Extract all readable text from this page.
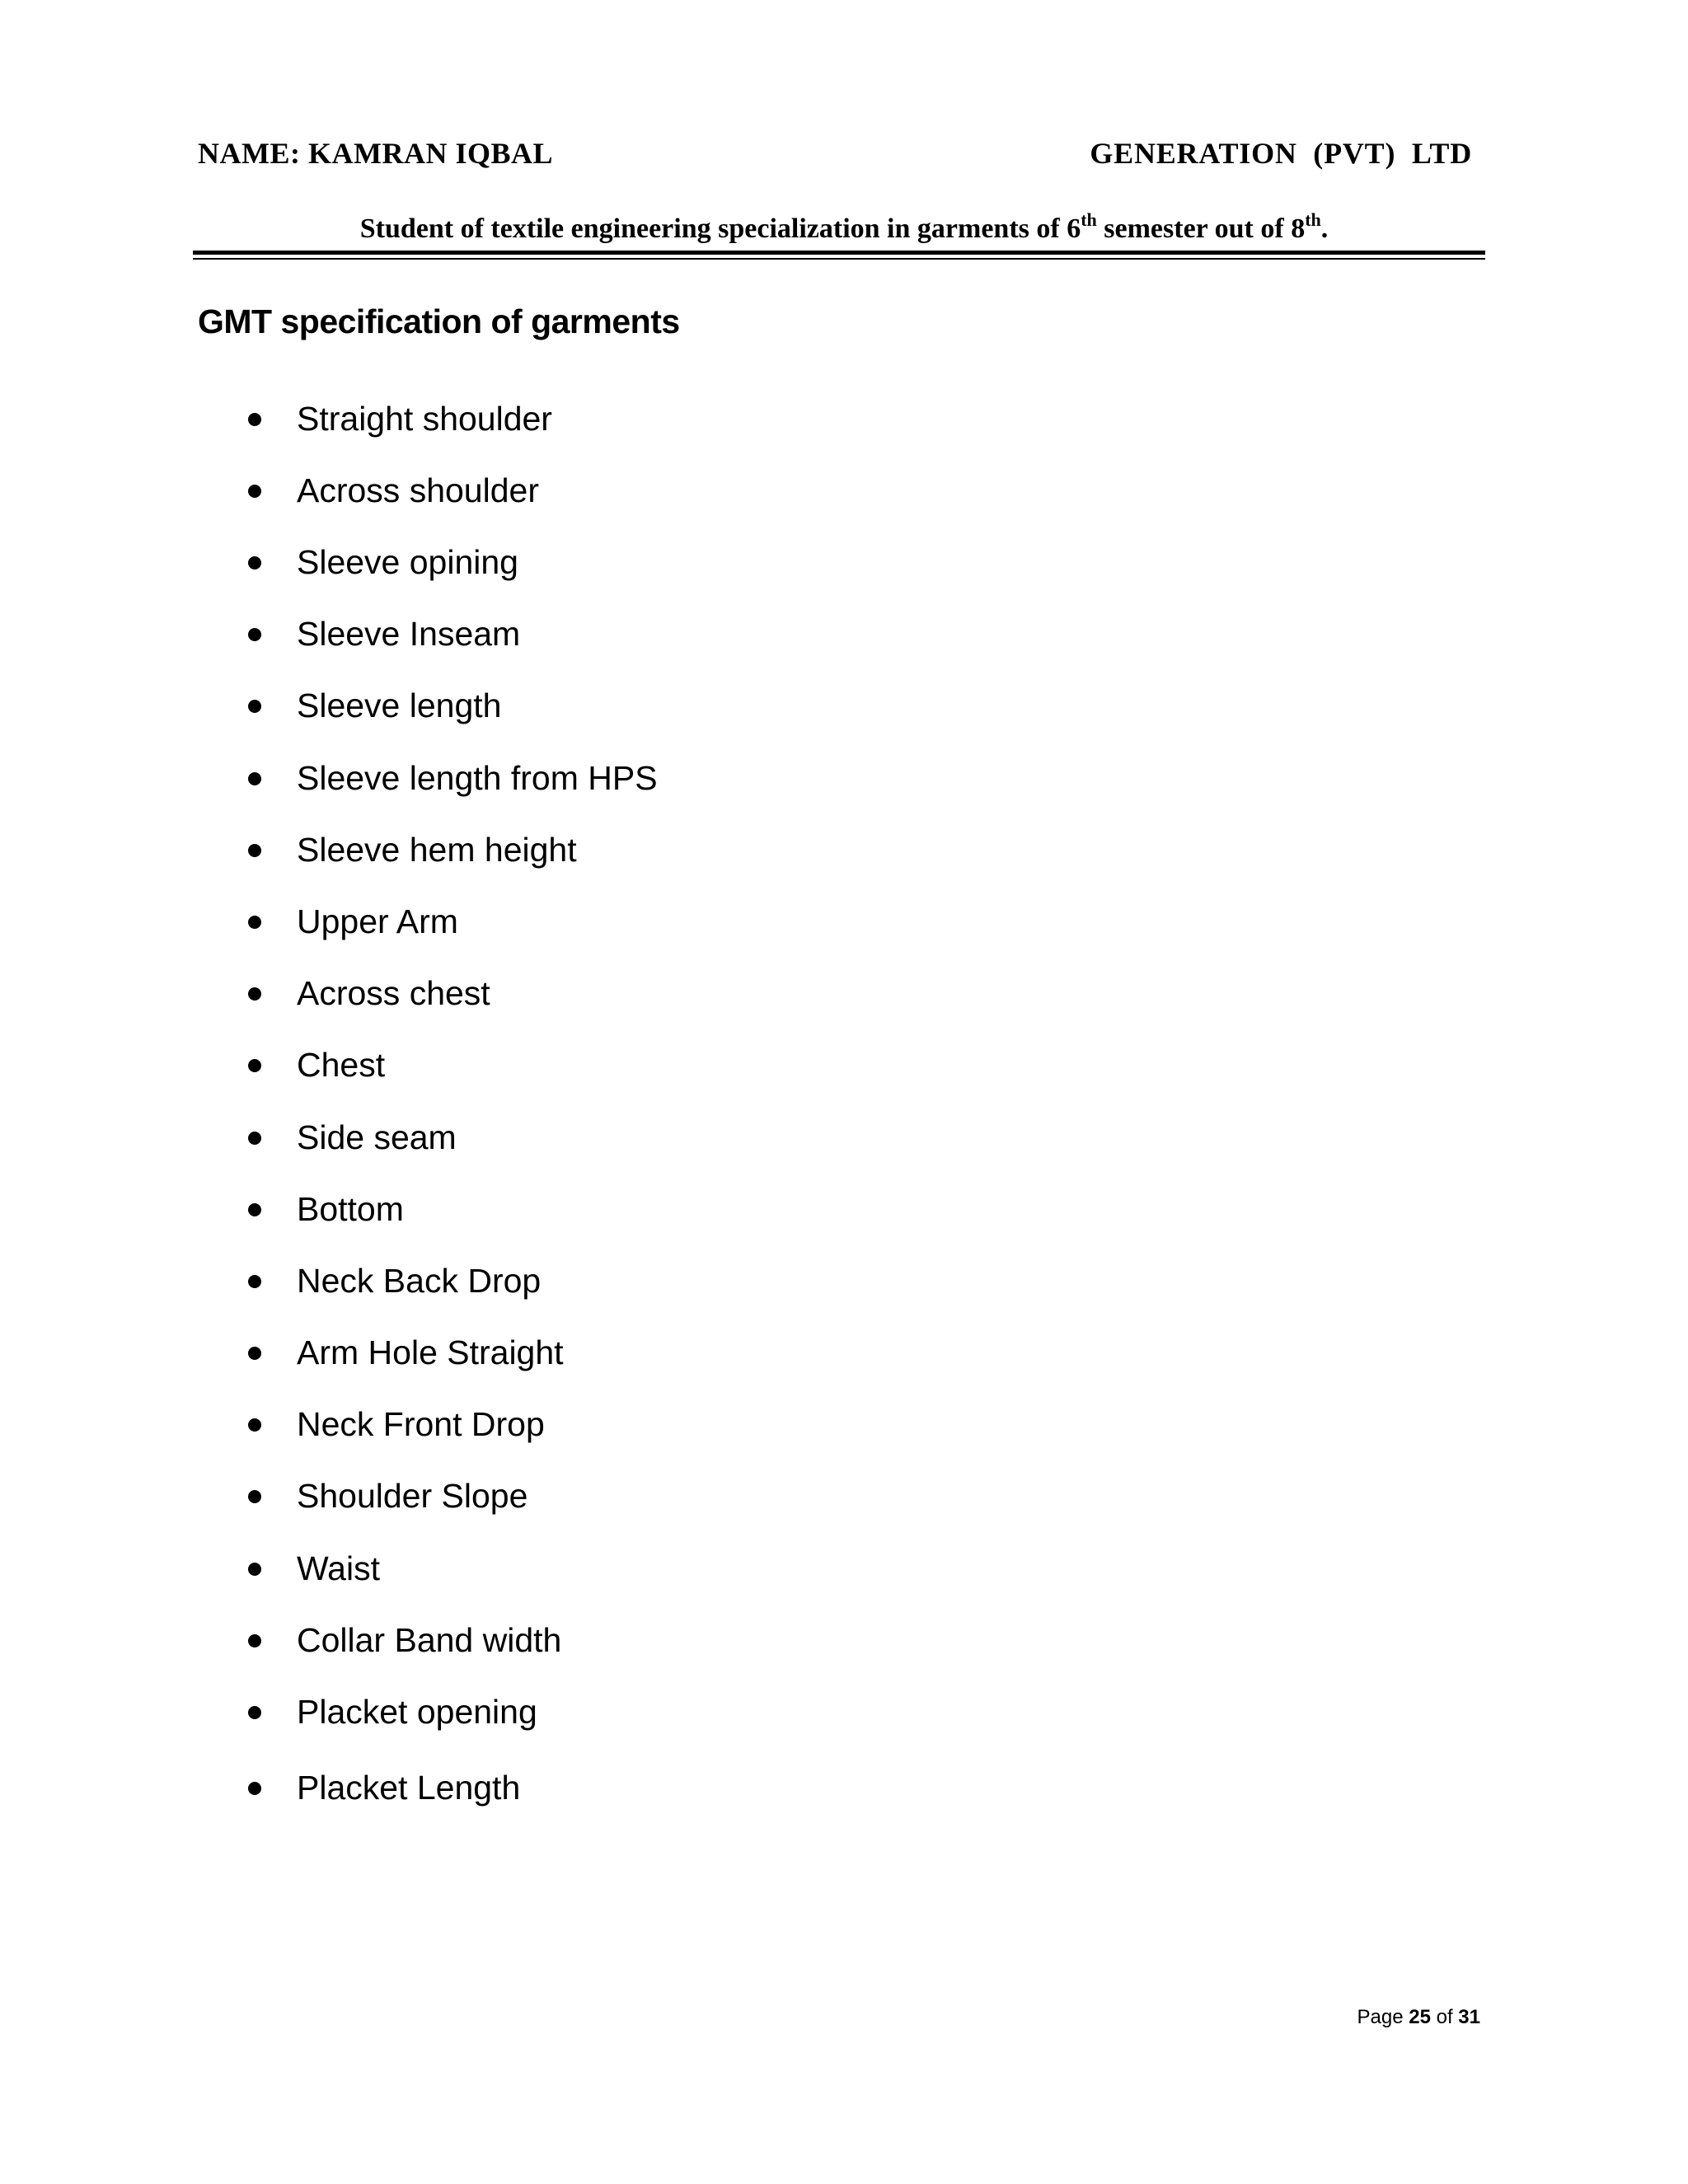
NAME: KAMRAN IQBAL	GENERATION  (PVT)  LTD
Student of textile engineering specialization in garments of 6th semester out of 8th.
GMT specification of garments
Straight shoulder
Across shoulder
Sleeve opining
Sleeve Inseam
Sleeve length
Sleeve length from HPS
Sleeve hem height
Upper Arm
Across chest
Chest
Side seam
Bottom
Neck Back Drop
Arm Hole Straight
Neck Front Drop
Shoulder Slope
Waist
Collar Band width
Placket opening
Placket Length
Page 25 of 31
